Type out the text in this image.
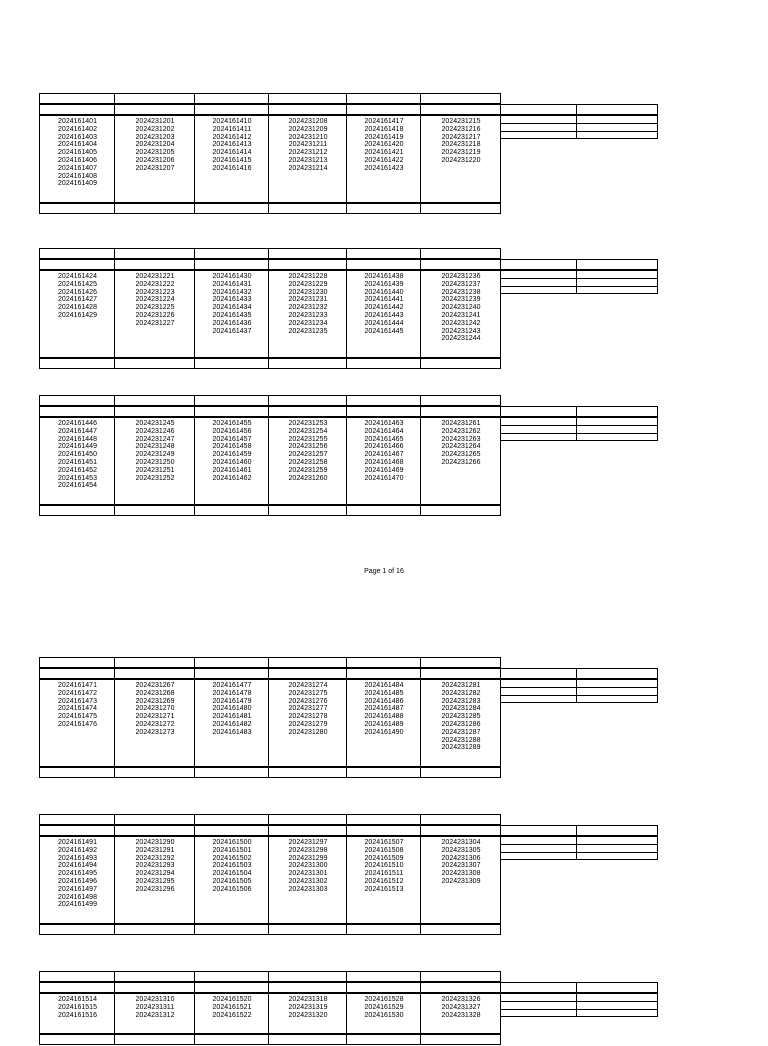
Page 1 of 16
2024161401
2024161402
2024161403
2024161404
2024161405
2024161406
2024161407
2024161408
2024161409
2024231201
2024231202
2024231203
2024231204
2024231205
2024231206
2024231207
2024161410
2024161411
2024161412
2024161413
2024161414
2024161415
2024161416
2024231208
2024231209
2024231210
2024231211
2024231212
2024231213
2024231214
2024161417
2024161418
2024161419
2024161420
2024161421
2024161422
2024161423
2024231215
2024231216
2024231217
2024231218
2024231219
2024231220
2024161424
2024161425
2024161426
2024161427
2024161428
2024161429
2024231221
2024231222
2024231223
2024231224
2024231225
2024231226
2024231227
2024161430
2024161431
2024161432
2024161433
2024161434
2024161435
2024161436
2024161437
2024231228
2024231229
2024231230
2024231231
2024231232
2024231233
2024231234
2024231235
2024161438
2024161439
2024161440
2024161441
2024161442
2024161443
2024161444
2024161445
2024231236
2024231237
2024231238
2024231239
2024231240
2024231241
2024231242
2024231243
2024231244
2024161446
2024161447
2024161448
2024161449
2024161450
2024161451
2024161452
2024161453
2024161454
2024231245
2024231246
2024231247
2024231248
2024231249
2024231250
2024231251
2024231252
2024161455
2024161456
2024161457
2024161458
2024161459
2024161460
2024161461
2024161462
2024231253
2024231254
2024231255
2024231256
2024231257
2024231258
2024231259
2024231260
2024161463
2024161464
2024161465
2024161466
2024161467
2024161468
2024161469
2024161470
2024231261
2024231262
2024231263
2024231264
2024231265
2024231266
2024161471
2024161472
2024161473
2024161474
2024161475
2024161476
2024231267
2024231268
2024231269
2024231270
2024231271
2024231272
2024231273
2024161477
2024161478
2024161479
2024161480
2024161481
2024161482
2024161483
2024231274
2024231275
2024231276
2024231277
2024231278
2024231279
2024231280
2024161484
2024161485
2024161486
2024161487
2024161488
2024161489
2024161490
2024231281
2024231282
2024231283
2024231284
2024231285
2024231286
2024231287
2024231288
2024231289
2024161491
2024161492
2024161493
2024161494
2024161495
2024161496
2024161497
2024161498
2024161499
2024231290
2024231291
2024231292
2024231293
2024231294
2024231295
2024231296
2024161500
2024161501
2024161502
2024161503
2024161504
2024161505
2024161506
2024231297
2024231298
2024231299
2024231300
2024231301
2024231302
2024231303
2024161507
2024161508
2024161509
2024161510
2024161511
2024161512
2024161513
2024231304
2024231305
2024231306
2024231307
2024231308
2024231309
2024161514
2024161515
2024161516
2024231310
2024231311
2024231312
2024161520
2024161521
2024161522
2024231318
2024231319
2024231320
2024161528
2024161529
2024161530
2024231326
2024231327
2024231328
